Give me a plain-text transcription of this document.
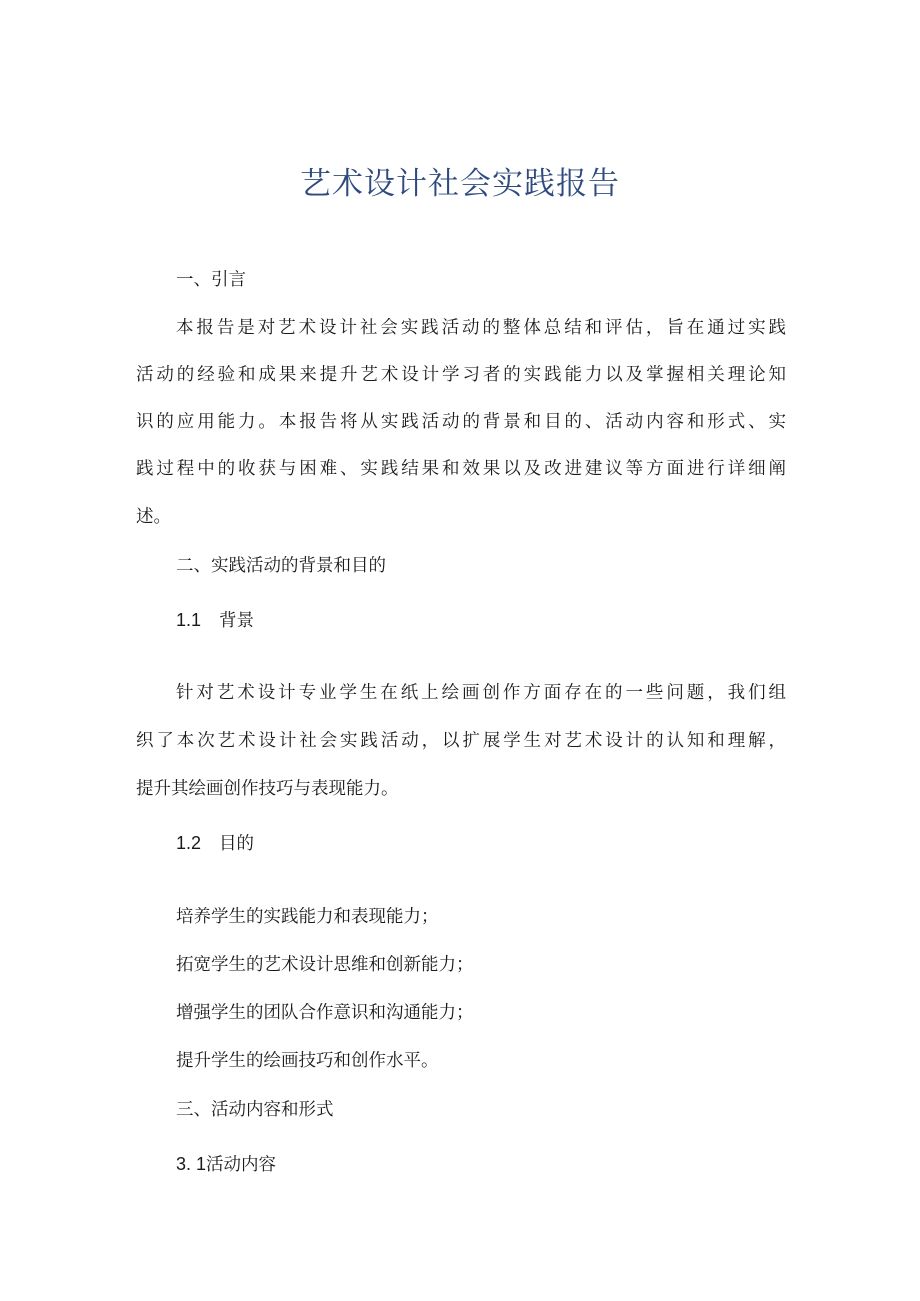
艺术设计社会实践报告
一、引言
本报告是对艺术设计社会实践活动的整体总结和评估，旨在通过实践
活动的经验和成果来提升艺术设计学习者的实践能力以及掌握相关理论知
识的应用能力。本报告将从实践活动的背景和目的、活动内容和形式、实
践过程中的收获与困难、实践结果和效果以及改进建议等方面进行详细阐
述。
二、实践活动的背景和目的
1.1 背景
针对艺术设计专业学生在纸上绘画创作方面存在的一些问题，我们组
织了本次艺术设计社会实践活动，以扩展学生对艺术设计的认知和理解，
提升其绘画创作技巧与表现能力。
1.2 目的
培养学生的实践能力和表现能力；
拓宽学生的艺术设计思维和创新能力；
增强学生的团队合作意识和沟通能力；
提升学生的绘画技巧和创作水平。
三、活动内容和形式
3. 1活动内容
